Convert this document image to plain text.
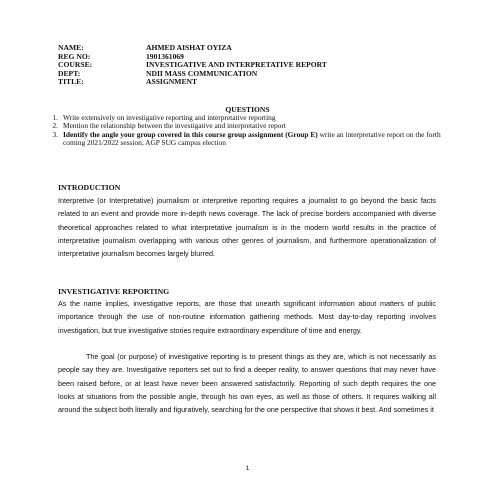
NAME:	AHMED AISHAT OYIZA
REG NO:	1901361069
COURSE:	INVESTIGATIVE AND INTERPRETATIVE REPORT
DEPT:	NDII MASS COMMUNICATION
TITLE:	ASSIGNMENT
QUESTIONS
1. Write extensively on investigative reporting and interpretative reporting
2. Mention the relationship between the investigative and interpretative report
3. Identify the angle your group covered in this course group assignment (Group E) write an interpretative report on the forth coming 2021/2022 session, AGP SUG campus election
INTRODUCTION

Interpretive (or Interpretative) journalism or interpretive reporting requires a journalist to go beyond the basic facts related to an event and provide more in-depth news coverage. The lack of precise borders accompanied with diverse theoretical approaches related to what interpretative journalism is in the modern world results in the practice of interpretative journalism overlapping with various other genres of journalism, and furthermore operationalization of interpretative journalism becomes largely blurred.

INVESTIGATIVE REPORTING

As the name implies, investigative reports, are those that unearth significant information about matters of public importance through the use of non-routine information gathering methods. Most day-to-day reporting involves investigation, but true investigative stories require extraordinary expenditure of time and energy.

The goal (or purpose) of investigative reporting is to present things as they are, which is not necessarily as people say they are. Investigative reporters set out to find a deeper reality, to answer questions that may never have been raised before, or at least have never been answered satisfactorily. Reporting of such depth requires the one looks at situations from the possible angle, through his own eyes, as well as those of others. It requires walking all around the subject both literally and figuratively, searching for the one perspective that shows it best. And sometimes it

1
